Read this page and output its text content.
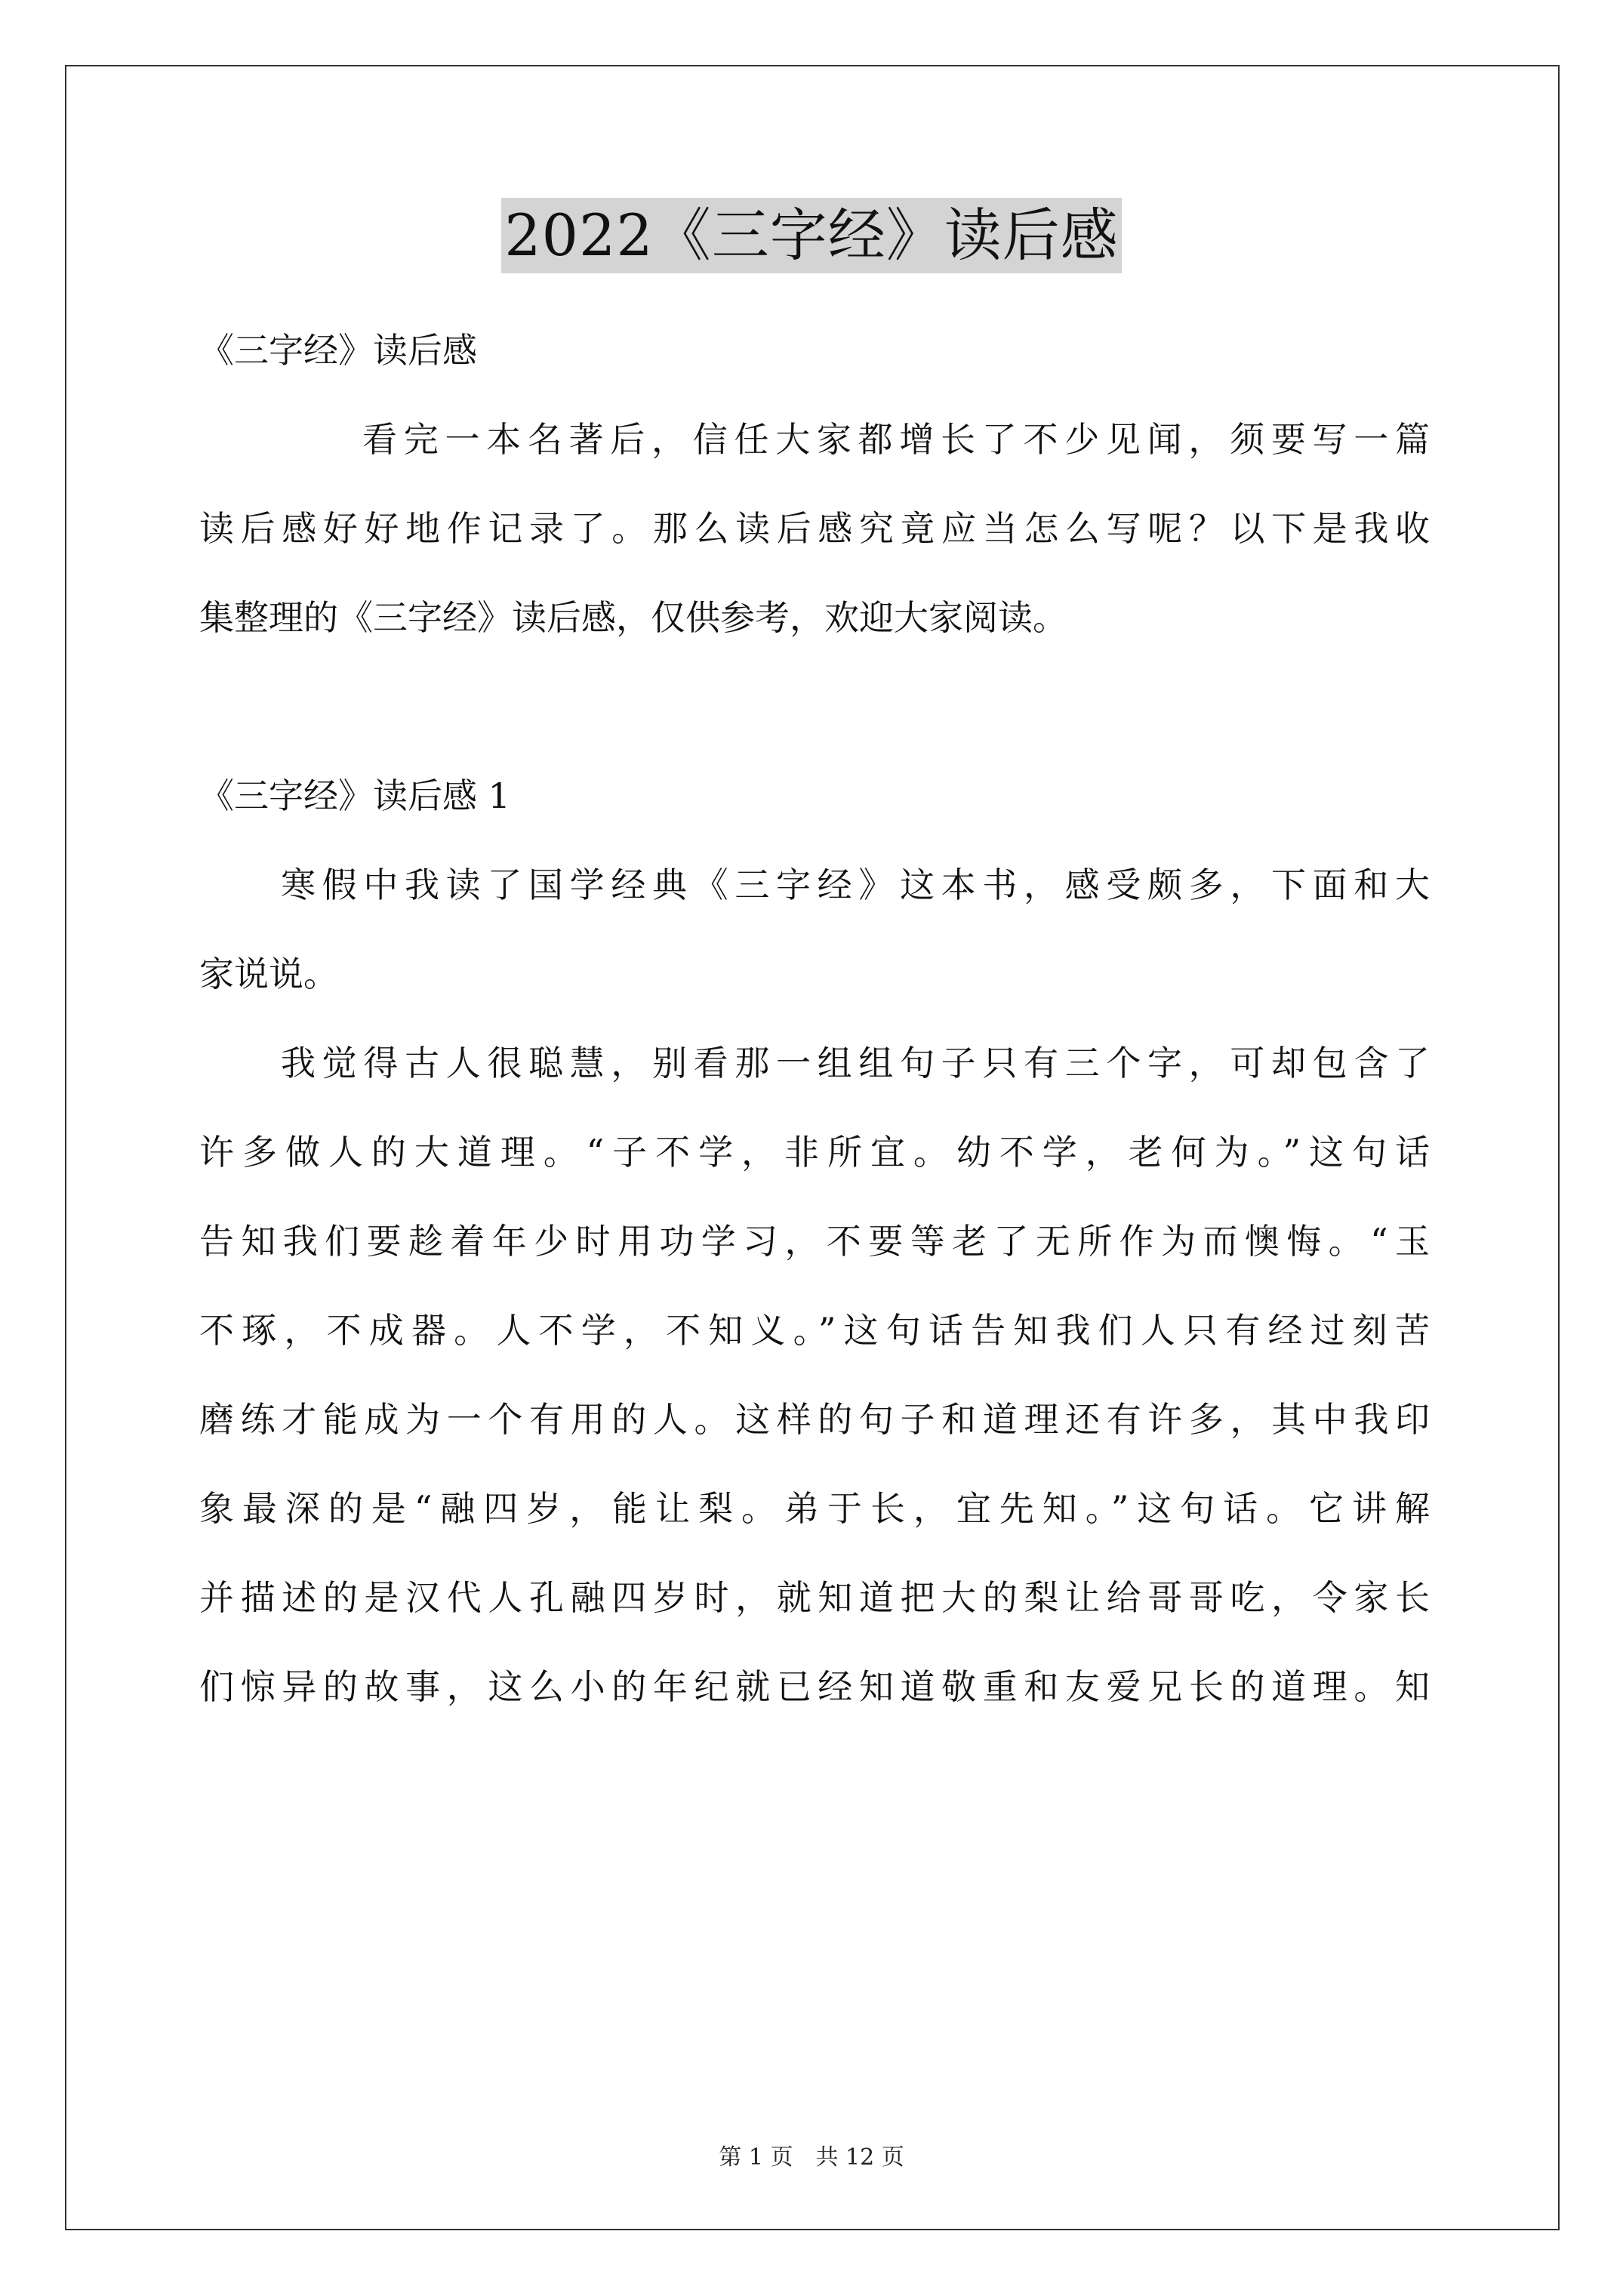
2022《三字经》读后感
《三字经》读后感
看完一本名著后，信任大家都增长了不少见闻，须要写一篇
读后感好好地作记录了。那么读后感究竟应当怎么写呢？以下是我收
集整理的《三字经》读后感，仅供参考，欢迎大家阅读。
《三字经》读后感 1
寒假中我读了国学经典《三字经》这本书，感受颇多，下面和大
家说说。
我觉得古人很聪慧，别看那一组组句子只有三个字，可却包含了
许多做人的大道理。“子不学，非所宜。幼不学，老何为。”这句话
告知我们要趁着年少时用功学习，不要等老了无所作为而懊悔。“玉
不琢，不成器。人不学，不知义。”这句话告知我们人只有经过刻苦
磨练才能成为一个有用的人。这样的句子和道理还有许多，其中我印
象最深的是“融四岁，能让梨。弟于长，宜先知。”这句话。它讲解
并描述的是汉代人孔融四岁时，就知道把大的梨让给哥哥吃，令家长
们惊异的故事，这么小的年纪就已经知道敬重和友爱兄长的道理。知
第 1 页　共 12 页
